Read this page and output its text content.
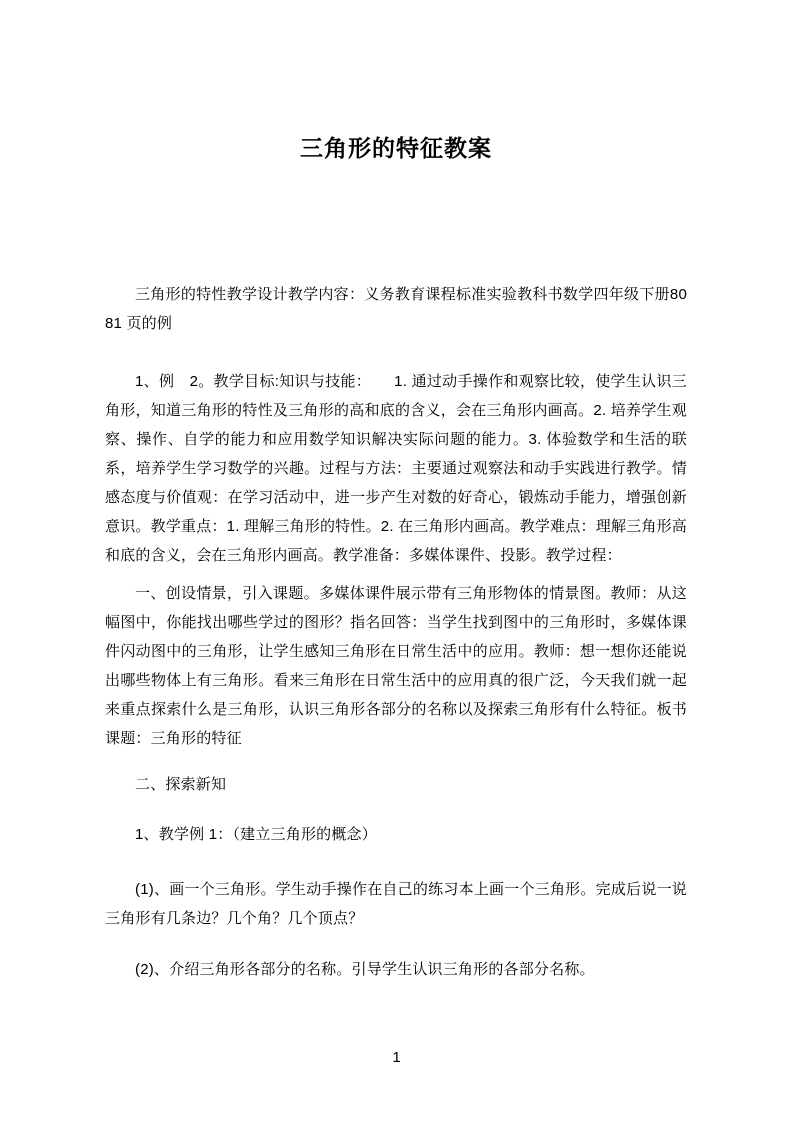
三角形的特征教案

三角形的特性教学设计教学内容：义务教育课程标准实验教科书数学四年级下册8081 页的例

1、例　2。教学目标:知识与技能：　　1. 通过动手操作和观察比较，使学生认识三角形，知道三角形的特性及三角形的高和底的含义，会在三角形内画高。2. 培养学生观察、操作、自学的能力和应用数学知识解决实际问题的能力。3. 体验数学和生活的联系，培养学生学习数学的兴趣。过程与方法：主要通过观察法和动手实践进行教学。情感态度与价值观：在学习活动中，进一步产生对数的好奇心，锻炼动手能力，增强创新意识。教学重点：1. 理解三角形的特性。2. 在三角形内画高。教学难点：理解三角形高和底的含义，会在三角形内画高。教学准备：多媒体课件、投影。教学过程：

一、创设情景，引入课题。多媒体课件展示带有三角形物体的情景图。教师：从这幅图中，你能找出哪些学过的图形？指名回答：当学生找到图中的三角形时，多媒体课件闪动图中的三角形，让学生感知三角形在日常生活中的应用。教师：想一想你还能说出哪些物体上有三角形。看来三角形在日常生活中的应用真的很广泛，今天我们就一起来重点探索什么是三角形，认识三角形各部分的名称以及探索三角形有什么特征。板书课题：三角形的特征

二、探索新知

1、教学例 1：（建立三角形的概念）

(1)、画一个三角形。学生动手操作在自己的练习本上画一个三角形。完成后说一说三角形有几条边？几个角？几个顶点？

(2)、介绍三角形各部分的名称。引导学生认识三角形的各部分名称。

1
